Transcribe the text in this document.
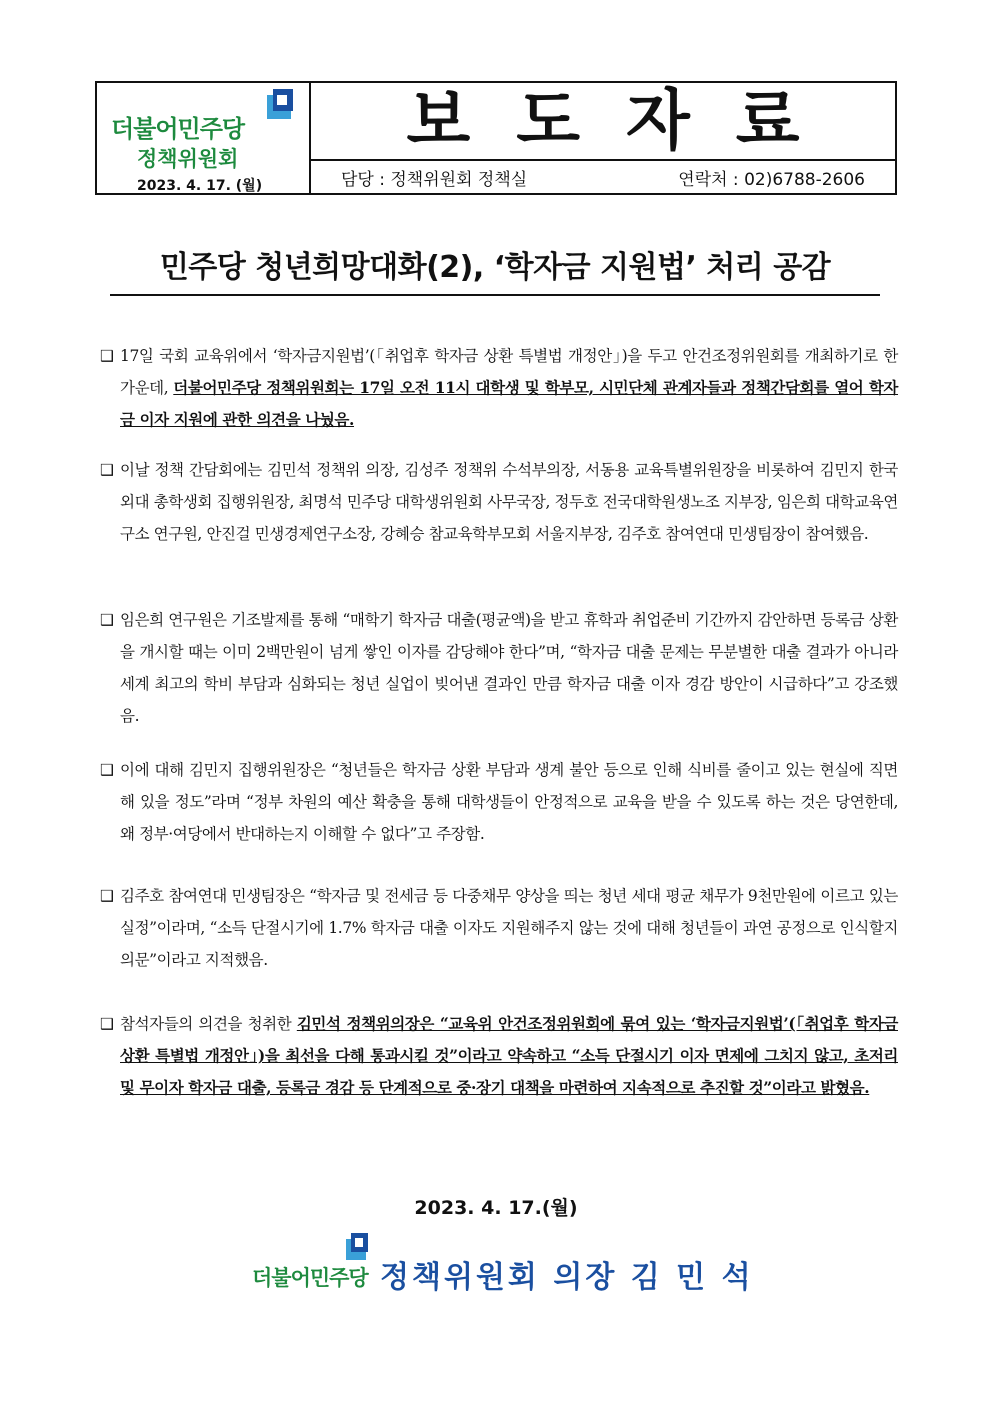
더불어민주당
정책위원회
2023. 4. 17. (월)
보도자료
담당 : 정책위원회 정책실	연락처 : 02)6788-2606
민주당 청년희망대화(2), ‘학자금 지원법’ 처리 공감
❑ 17일 국회 교육위에서 ‘학자금지원법’(「취업후 학자금 상환 특별법 개정안」)을 두고 안건조정위원회를 개최하기로 한 가운데, 더불어민주당 정책위원회는 17일 오전 11시 대학생 및 학부모, 시민단체 관계자들과 정책간담회를 열어 학자금 이자 지원에 관한 의견을 나눴음.
❑ 이날 정책 간담회에는 김민석 정책위 의장, 김성주 정책위 수석부의장, 서동용 교육특별위원장을 비롯하여 김민지 한국외대 총학생회 집행위원장, 최명석 민주당 대학생위원회 사무국장, 정두호 전국대학원생노조 지부장, 임은희 대학교육연구소 연구원, 안진걸 민생경제연구소장, 강혜승 참교육학부모회 서울지부장, 김주호 참여연대 민생팀장이 참여했음.
❑ 임은희 연구원은 기조발제를 통해 “매학기 학자금 대출(평균액)을 받고 휴학과 취업준비 기간까지 감안하면 등록금 상환을 개시할 때는 이미 2백만원이 넘게 쌓인 이자를 감당해야 한다”며, “학자금 대출 문제는 무분별한 대출 결과가 아니라 세계 최고의 학비 부담과 심화되는 청년 실업이 빚어낸 결과인 만큼 학자금 대출 이자 경감 방안이 시급하다”고 강조했음.
❑ 이에 대해 김민지 집행위원장은 “청년들은 학자금 상환 부담과 생계 불안 등으로 인해 식비를 줄이고 있는 현실에 직면해 있을 정도”라며 “정부 차원의 예산 확충을 통해 대학생들이 안정적으로 교육을 받을 수 있도록 하는 것은 당연한데, 왜 정부·여당에서 반대하는지 이해할 수 없다”고 주장함.
❑ 김주호 참여연대 민생팀장은 “학자금 및 전세금 등 다중채무 양상을 띄는 청년 세대 평균 채무가 9천만원에 이르고 있는 실정”이라며, “소득 단절시기에 1.7% 학자금 대출 이자도 지원해주지 않는 것에 대해 청년들이 과연 공정으로 인식할지 의문”이라고 지적했음.
❑ 참석자들의 의견을 청취한 김민석 정책위의장은 “교육위 안건조정위원회에 묶여 있는 ‘학자금지원법’(「취업후 학자금 상환 특별법 개정안」)을 최선을 다해 통과시킬 것”이라고 약속하고 “소득 단절시기 이자 면제에 그치지 않고, 초저리 및 무이자 학자금 대출, 등록금 경감 등 단계적으로 중·장기 대책을 마련하여 지속적으로 추진할 것”이라고 밝혔음.
2023. 4. 17.(월)
더불어민주당 정책위원회 의장 김 민 석
